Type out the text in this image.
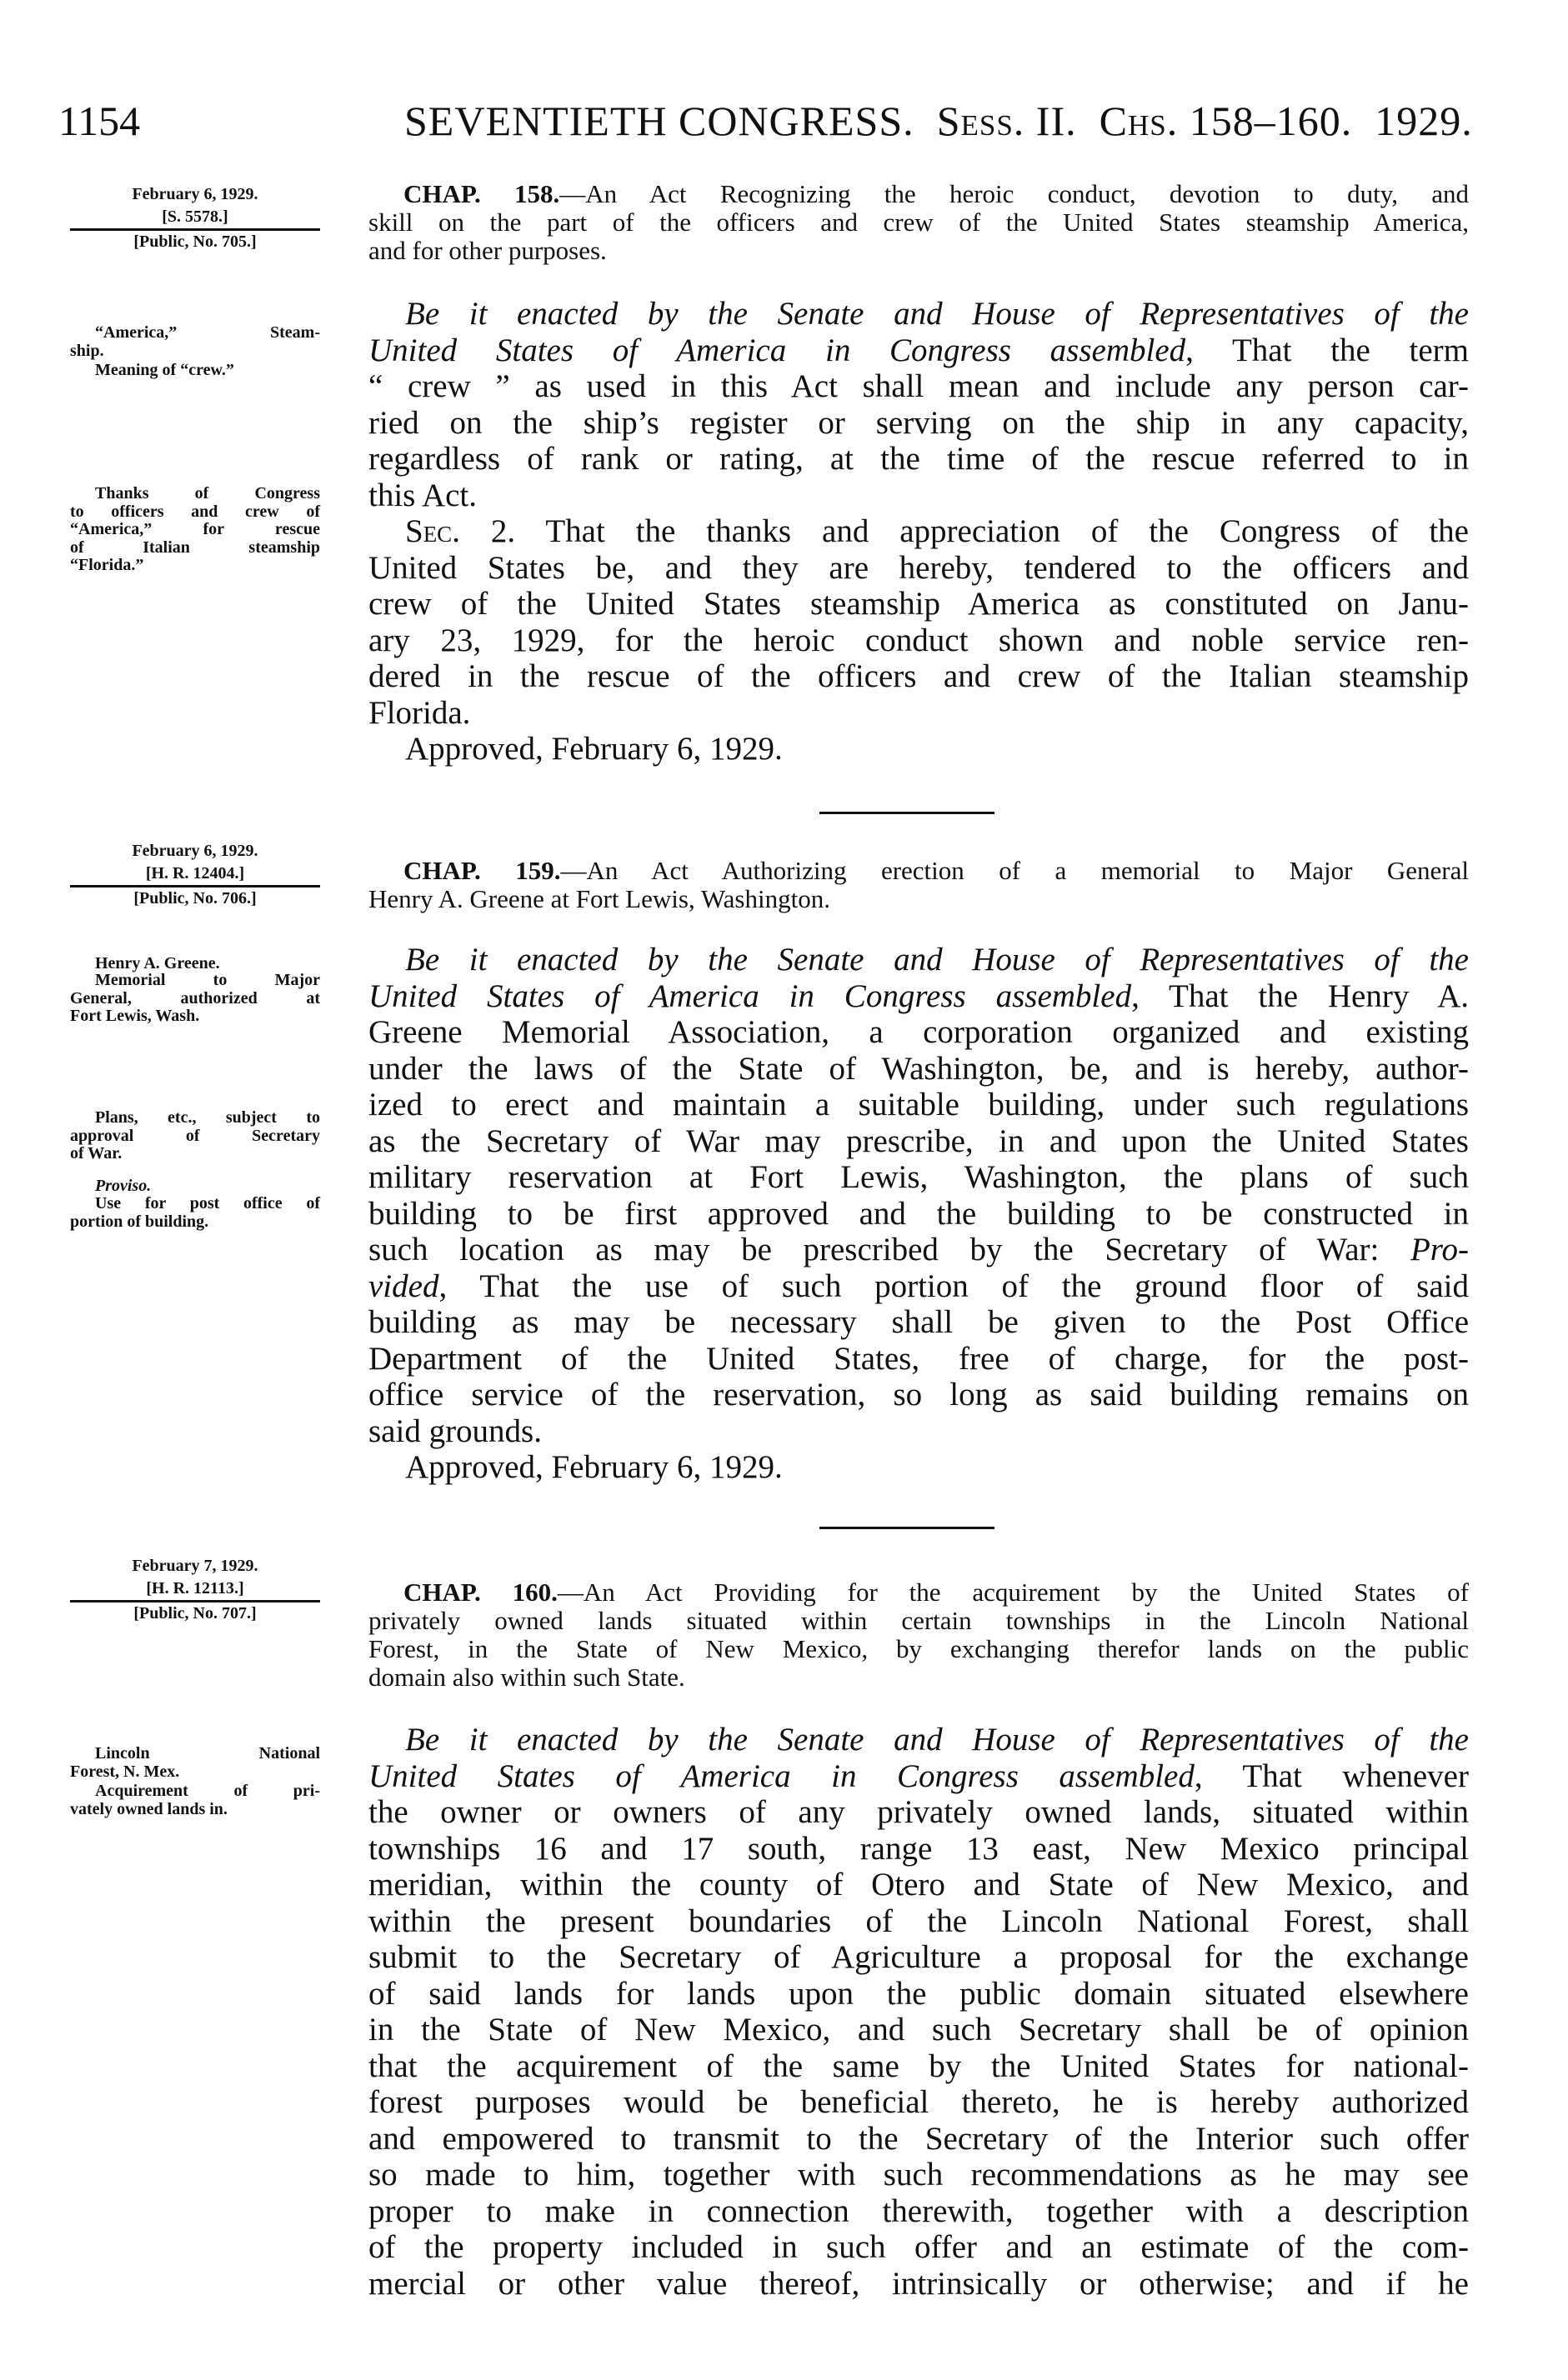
1154	SEVENTIETH CONGRESS. Sess. II. Chs. 158–160. 1929.
February 6, 1929.
[S. 5578.]
[Public, No. 705.]
CHAP. 158.—An Act Recognizing the heroic conduct, devotion to duty, and
skill on the part of the officers and crew of the United States steamship America,
and for other purposes.
Be it enacted by the Senate and House of Representatives of the
United States of America in Congress assembled, That the term
“ crew ” as used in this Act shall mean and include any person car-
ried on the ship’s register or serving on the ship in any capacity,
regardless of rank or rating, at the time of the rescue referred to in
this Act.
Sec. 2. That the thanks and appreciation of the Congress of the
United States be, and they are hereby, tendered to the officers and
crew of the United States steamship America as constituted on Janu-
ary 23, 1929, for the heroic conduct shown and noble service ren-
dered in the rescue of the officers and crew of the Italian steamship
Florida.
Approved, February 6, 1929.
“America,” Steam-
ship.
Meaning of “crew.”
Thanks of Congress
to officers and crew of
“America,” for rescue
of Italian steamship
“Florida.”
February 6, 1929.
[H. R. 12404.]
[Public, No. 706.]
CHAP. 159.—An Act Authorizing erection of a memorial to Major General
Henry A. Greene at Fort Lewis, Washington.
Be it enacted by the Senate and House of Representatives of the
United States of America in Congress assembled, That the Henry A.
Greene Memorial Association, a corporation organized and existing
under the laws of the State of Washington, be, and is hereby, author-
ized to erect and maintain a suitable building, under such regulations
as the Secretary of War may prescribe, in and upon the United States
military reservation at Fort Lewis, Washington, the plans of such
building to be first approved and the building to be constructed in
such location as may be prescribed by the Secretary of War: Pro-
vided, That the use of such portion of the ground floor of said
building as may be necessary shall be given to the Post Office
Department of the United States, free of charge, for the post-
office service of the reservation, so long as said building remains on
said grounds.
Approved, February 6, 1929.
Henry A. Greene.
Memorial to Major
General, authorized at
Fort Lewis, Wash.
Plans, etc., subject to
approval of Secretary
of War.
Proviso.
Use for post office of
portion of building.
February 7, 1929.
[H. R. 12113.]
[Public, No. 707.]
CHAP. 160.—An Act Providing for the acquirement by the United States of
privately owned lands situated within certain townships in the Lincoln National
Forest, in the State of New Mexico, by exchanging therefor lands on the public
domain also within such State.
Be it enacted by the Senate and House of Representatives of the
United States of America in Congress assembled, That whenever
the owner or owners of any privately owned lands, situated within
townships 16 and 17 south, range 13 east, New Mexico principal
meridian, within the county of Otero and State of New Mexico, and
within the present boundaries of the Lincoln National Forest, shall
submit to the Secretary of Agriculture a proposal for the exchange
of said lands for lands upon the public domain situated elsewhere
in the State of New Mexico, and such Secretary shall be of opinion
that the acquirement of the same by the United States for national-
forest purposes would be beneficial thereto, he is hereby authorized
and empowered to transmit to the Secretary of the Interior such offer
so made to him, together with such recommendations as he may see
proper to make in connection therewith, together with a description
of the property included in such offer and an estimate of the com-
mercial or other value thereof, intrinsically or otherwise; and if he
Lincoln National
Forest, N. Mex.
Acquirement of pri-
vately owned lands in.
